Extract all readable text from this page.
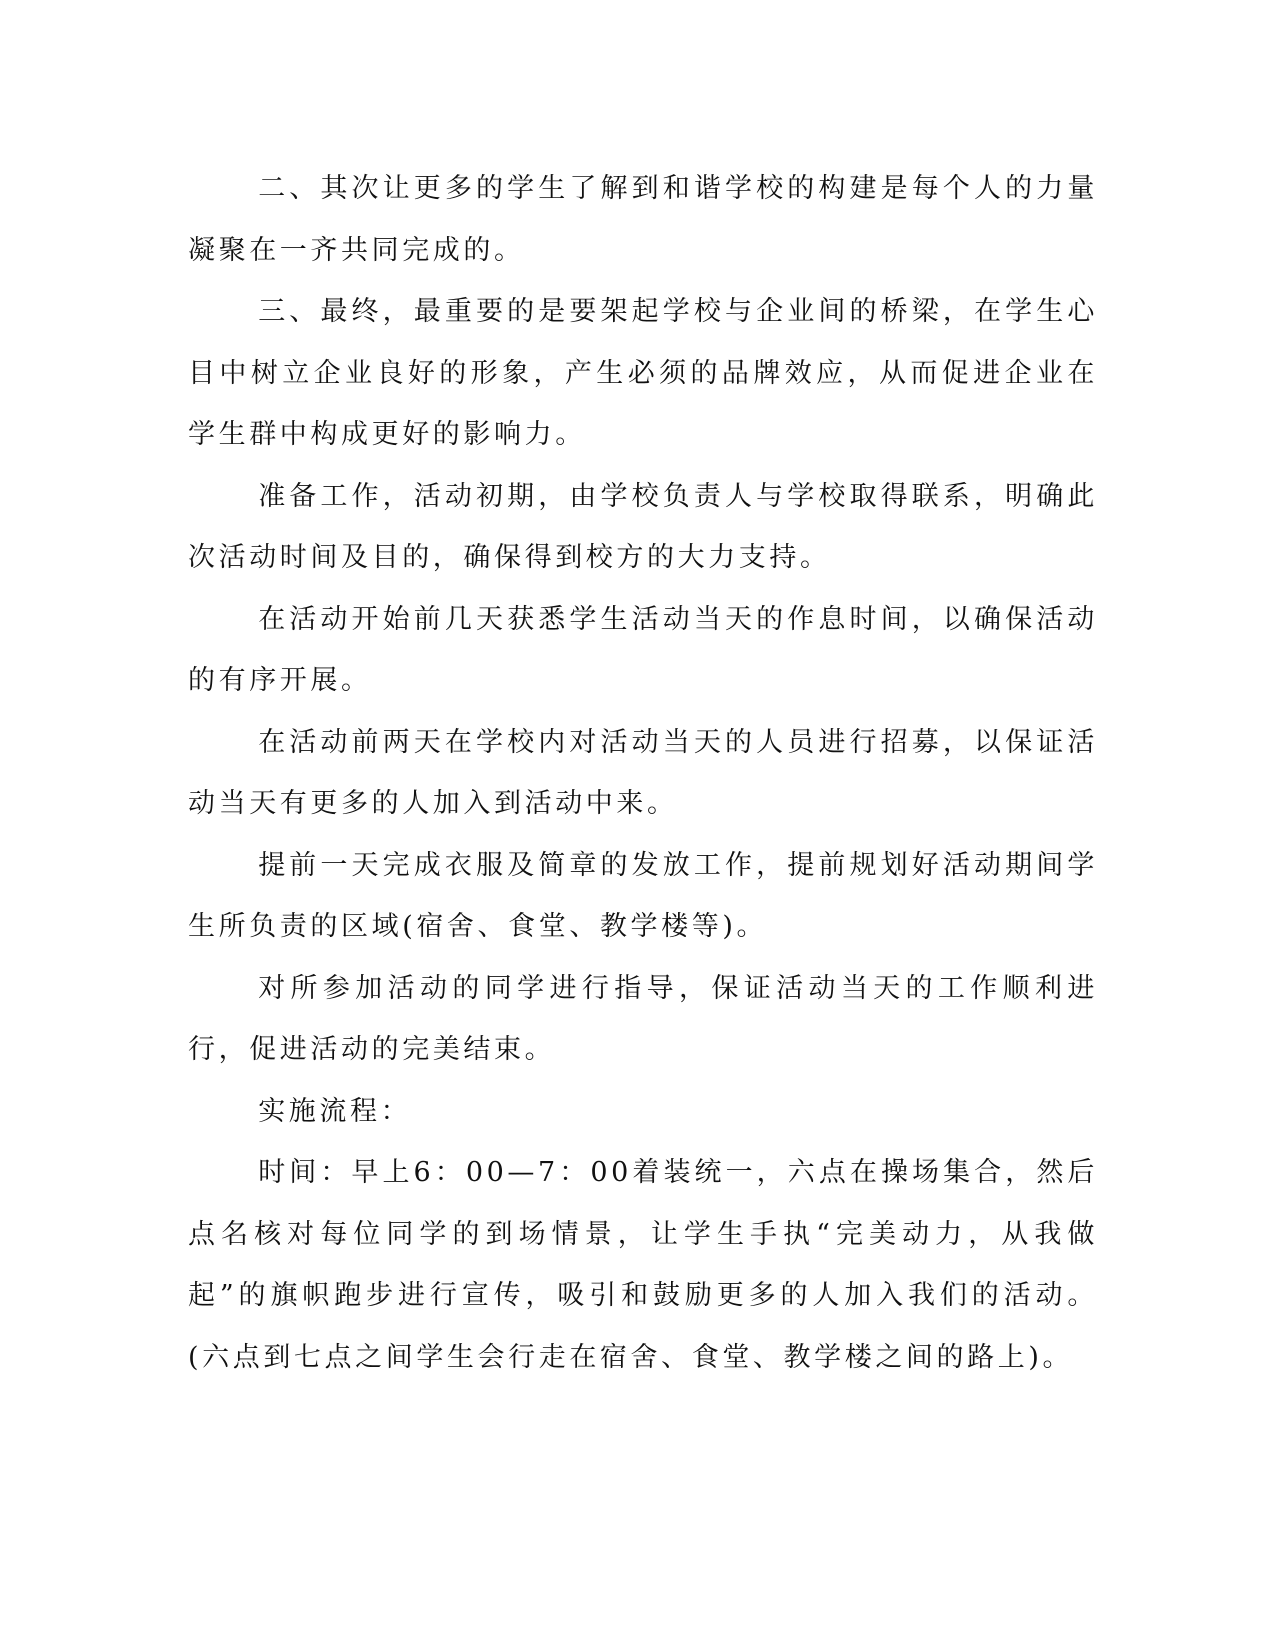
二、其次让更多的学生了解到和谐学校的构建是每个人的力量凝聚在一齐共同完成的。

三、最终，最重要的是要架起学校与企业间的桥梁，在学生心目中树立企业良好的形象，产生必须的品牌效应，从而促进企业在学生群中构成更好的影响力。

准备工作，活动初期，由学校负责人与学校取得联系，明确此次活动时间及目的，确保得到校方的大力支持。

在活动开始前几天获悉学生活动当天的作息时间，以确保活动的有序开展。

在活动前两天在学校内对活动当天的人员进行招募，以保证活动当天有更多的人加入到活动中来。

提前一天完成衣服及简章的发放工作，提前规划好活动期间学生所负责的区域(宿舍、食堂、教学楼等)。

对所参加活动的同学进行指导，保证活动当天的工作顺利进行，促进活动的完美结束。

实施流程：

时间：早上6：00—7：00着装统一，六点在操场集合，然后点名核对每位同学的到场情景，让学生手执“完美动力，从我做起”的旗帜跑步进行宣传，吸引和鼓励更多的人加入我们的活动。(六点到七点之间学生会行走在宿舍、食堂、教学楼之间的路上)。
